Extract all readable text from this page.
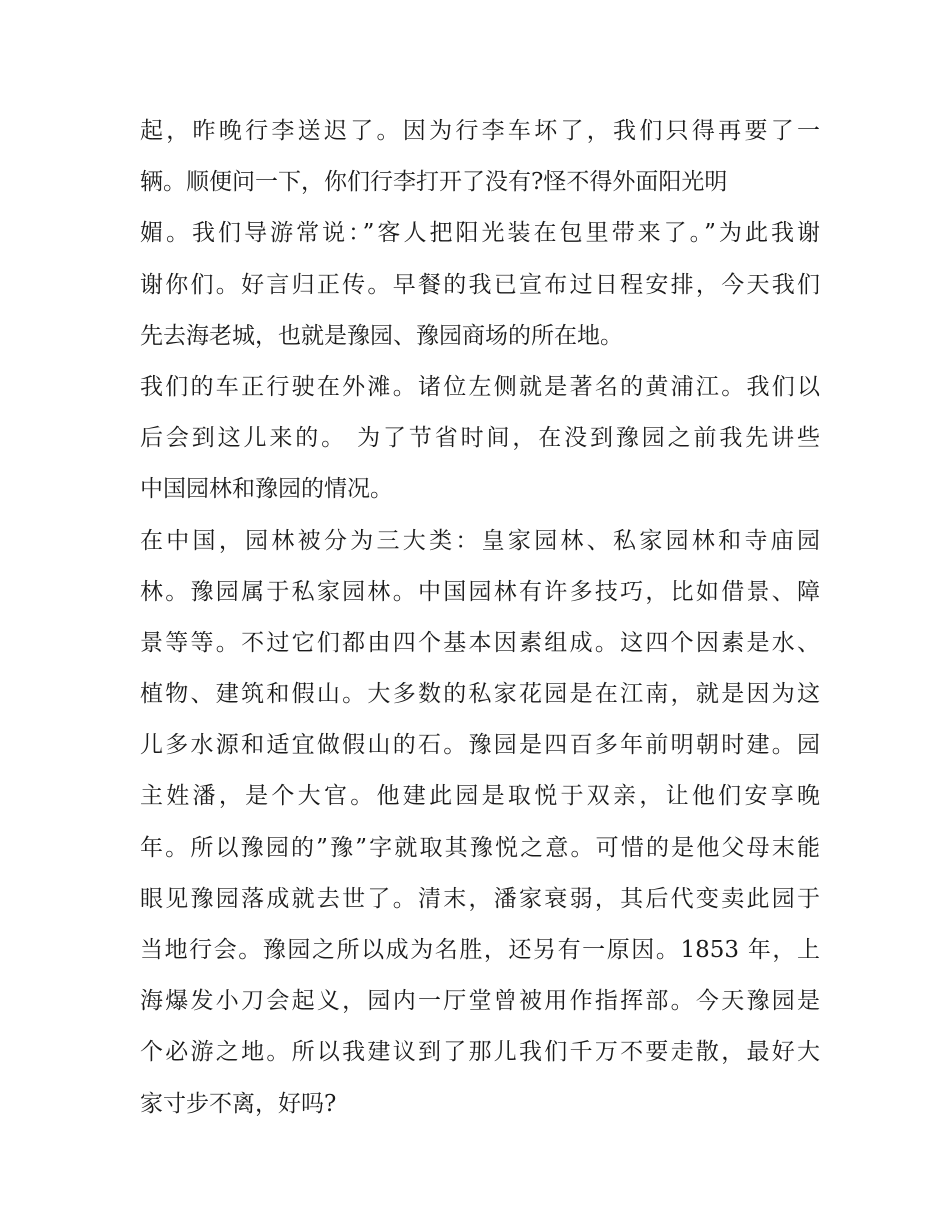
起，昨晚行李送迟了。因为行李车坏了，我们只得再要了一
辆。顺便问一下，你们行李打开了没有?怪不得外面阳光明
媚。我们导游常说：”客人把阳光装在包里带来了。”为此我谢
谢你们。好言归正传。早餐的我已宣布过日程安排，今天我们
先去海老城，也就是豫园、豫园商场的所在地。
我们的车正行驶在外滩。诸位左侧就是著名的黄浦江。我们以
后会到这儿来的。 为了节省时间，在没到豫园之前我先讲些
中国园林和豫园的情况。
在中国，园林被分为三大类：皇家园林、私家园林和寺庙园
林。豫园属于私家园林。中国园林有许多技巧，比如借景、障
景等等。不过它们都由四个基本因素组成。这四个因素是水、
植物、建筑和假山。大多数的私家花园是在江南，就是因为这
儿多水源和适宜做假山的石。豫园是四百多年前明朝时建。园
主姓潘，是个大官。他建此园是取悦于双亲，让他们安享晚
年。所以豫园的”豫”字就取其豫悦之意。可惜的是他父母末能
眼见豫园落成就去世了。清末，潘家衰弱，其后代变卖此园于
当地行会。豫园之所以成为名胜，还另有一原因。1853 年，上
海爆发小刀会起义，园内一厅堂曾被用作指挥部。今天豫园是
个必游之地。所以我建议到了那儿我们千万不要走散，最好大
家寸步不离，好吗?
